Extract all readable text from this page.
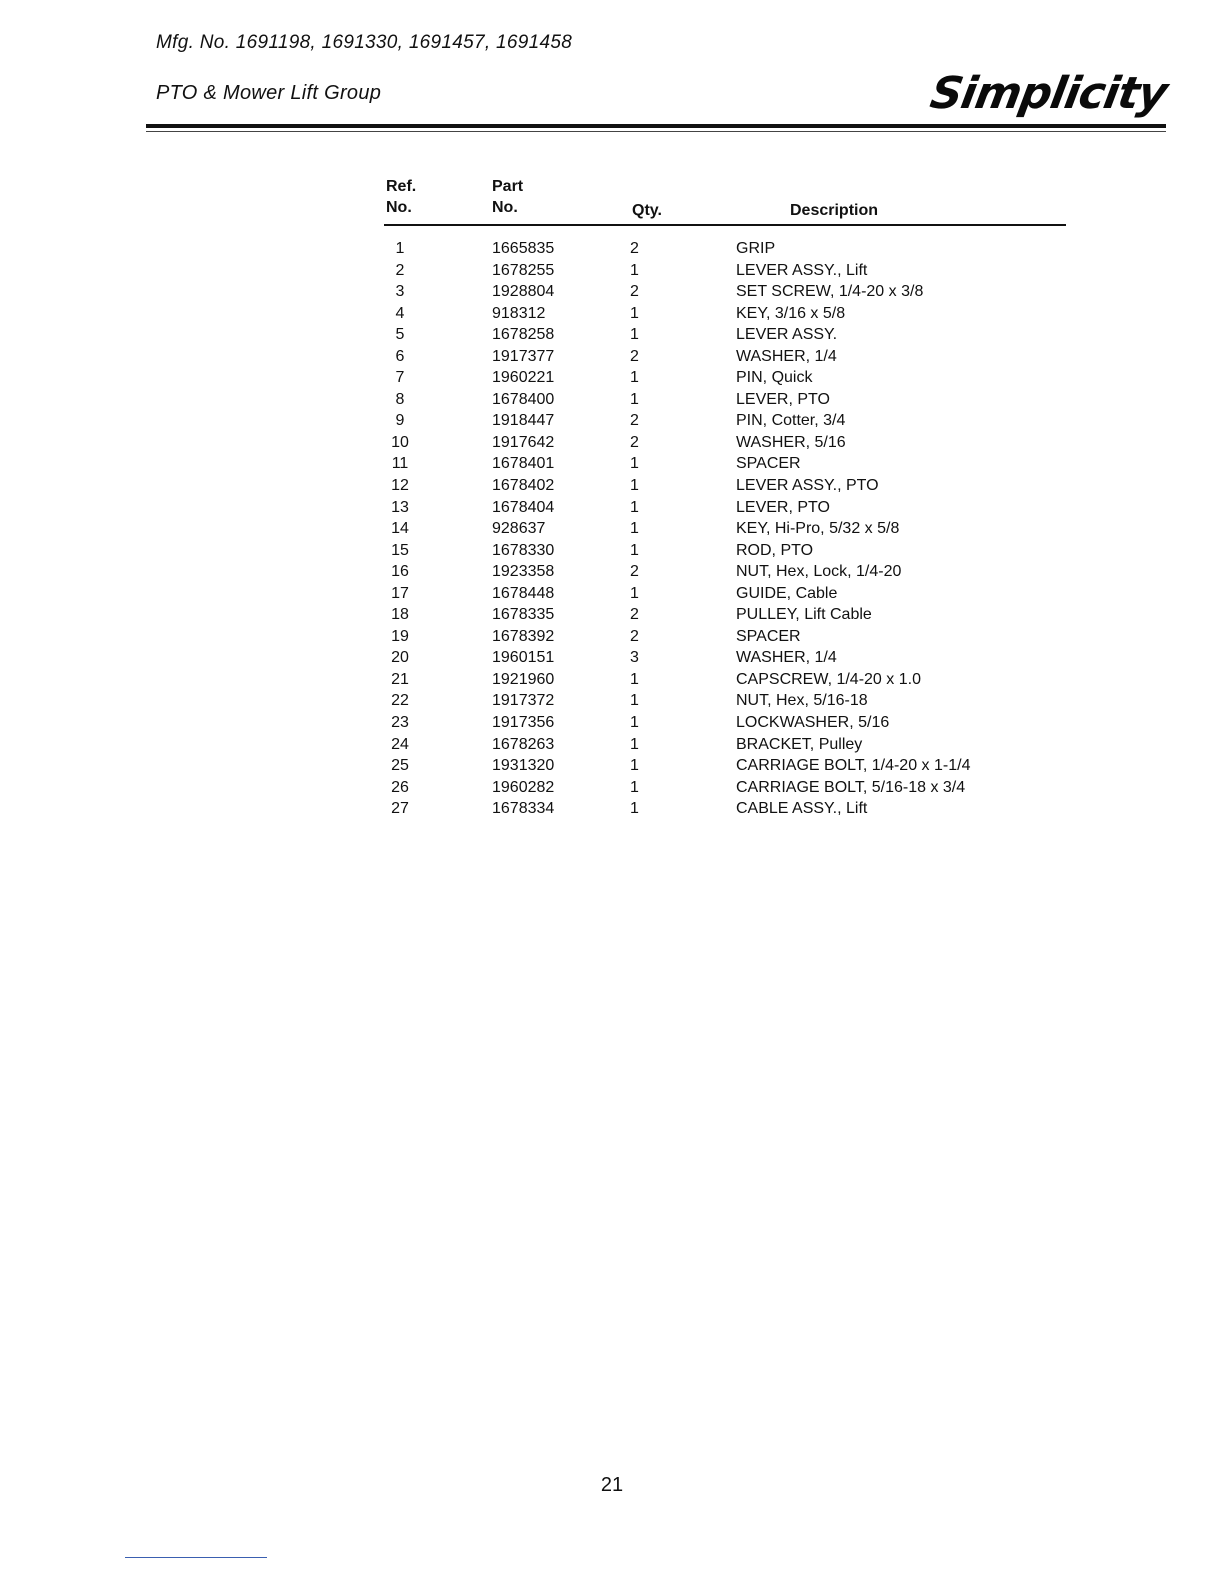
Mfg. No. 1691198, 1691330, 1691457, 1691458
PTO & Mower Lift Group	Simplicity
Ref.
No.
Part
No.	Qty.	Description
1	1665835	2	GRIP
2	1678255	1	LEVER ASSY., Lift
3	1928804	2	SET SCREW, 1/4-20 x 3/8
4	918312	1	KEY, 3/16 x 5/8
5	1678258	1	LEVER ASSY.
6	1917377	2	WASHER, 1/4
7	1960221	1	PIN, Quick
8	1678400	1	LEVER, PTO
9	1918447	2	PIN, Cotter, 3/4
10	1917642	2	WASHER, 5/16
11	1678401	1	SPACER
12	1678402	1	LEVER ASSY., PTO
13	1678404	1	LEVER, PTO
14	928637	1	KEY, Hi-Pro, 5/32 x 5/8
15	1678330	1	ROD, PTO
16	1923358	2	NUT, Hex, Lock, 1/4-20
17	1678448	1	GUIDE, Cable
18	1678335	2	PULLEY, Lift Cable
19	1678392	2	SPACER
20	1960151	3	WASHER, 1/4
21	1921960	1	CAPSCREW, 1/4-20 x 1.0
22	1917372	1	NUT, Hex, 5/16-18
23	1917356	1	LOCKWASHER, 5/16
24	1678263	1	BRACKET, Pulley
25	1931320	1	CARRIAGE BOLT, 1/4-20 x 1-1/4
26	1960282	1	CARRIAGE BOLT, 5/16-18 x 3/4
27	1678334	1	CABLE ASSY., Lift
21
